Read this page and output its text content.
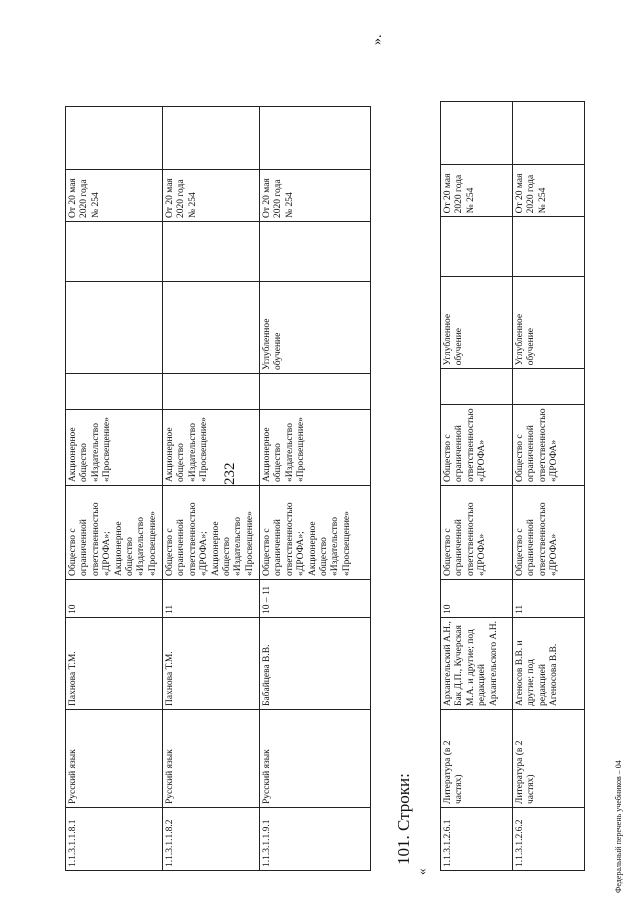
232
1.1.3.1.1.8.1	Русский язык	Пахнова Т.М.	10	Общество с ограниченной ответственностью «ДРОФА»; Акционерное общество «Издательство «Просвещение»	Акционерное общество «Издательство «Просвещение»				От 20 мая 2020 года № 254	
1.1.3.1.1.8.2	Русский язык	Пахнова Т.М.	11	Общество с ограниченной ответственностью «ДРОФА»; Акционерное общество «Издательство «Просвещение»	Акционерное общество «Издательство «Просвещение»				От 20 мая 2020 года № 254	
1.1.3.1.1.9.1	Русский язык	Бабайцева В.В.	10 – 11	Общество с ограниченной ответственностью «ДРОФА»; Акционерное общество «Издательство «Просвещение»	Акционерное общество «Издательство «Просвещение»		Углубленное обучение		От 20 мая 2020 года № 254	
».
101. Строки:
«
1.1.3.1.2.6.1	Литература (в 2 частях)	Архангельский А.Н., Бак Д.П., Кучерская М.А. и другие; под редакцией Архангельского А.Н.	10	Общество с ограниченной ответственностью «ДРОФА»	Общество с ограниченной ответственностью «ДРОФА»		Углубленное обучение		От 20 мая 2020 года № 254	
1.1.3.1.2.6.2	Литература (в 2 частях)	Агеносов В.В. и другие; под редакцией Агеносова В.В.	11	Общество с ограниченной ответственностью «ДРОФА»	Общество с ограниченной ответственностью «ДРОФА»		Углубленное обучение		От 20 мая 2020 года № 254	
Федеральный перечень учебников – 04
